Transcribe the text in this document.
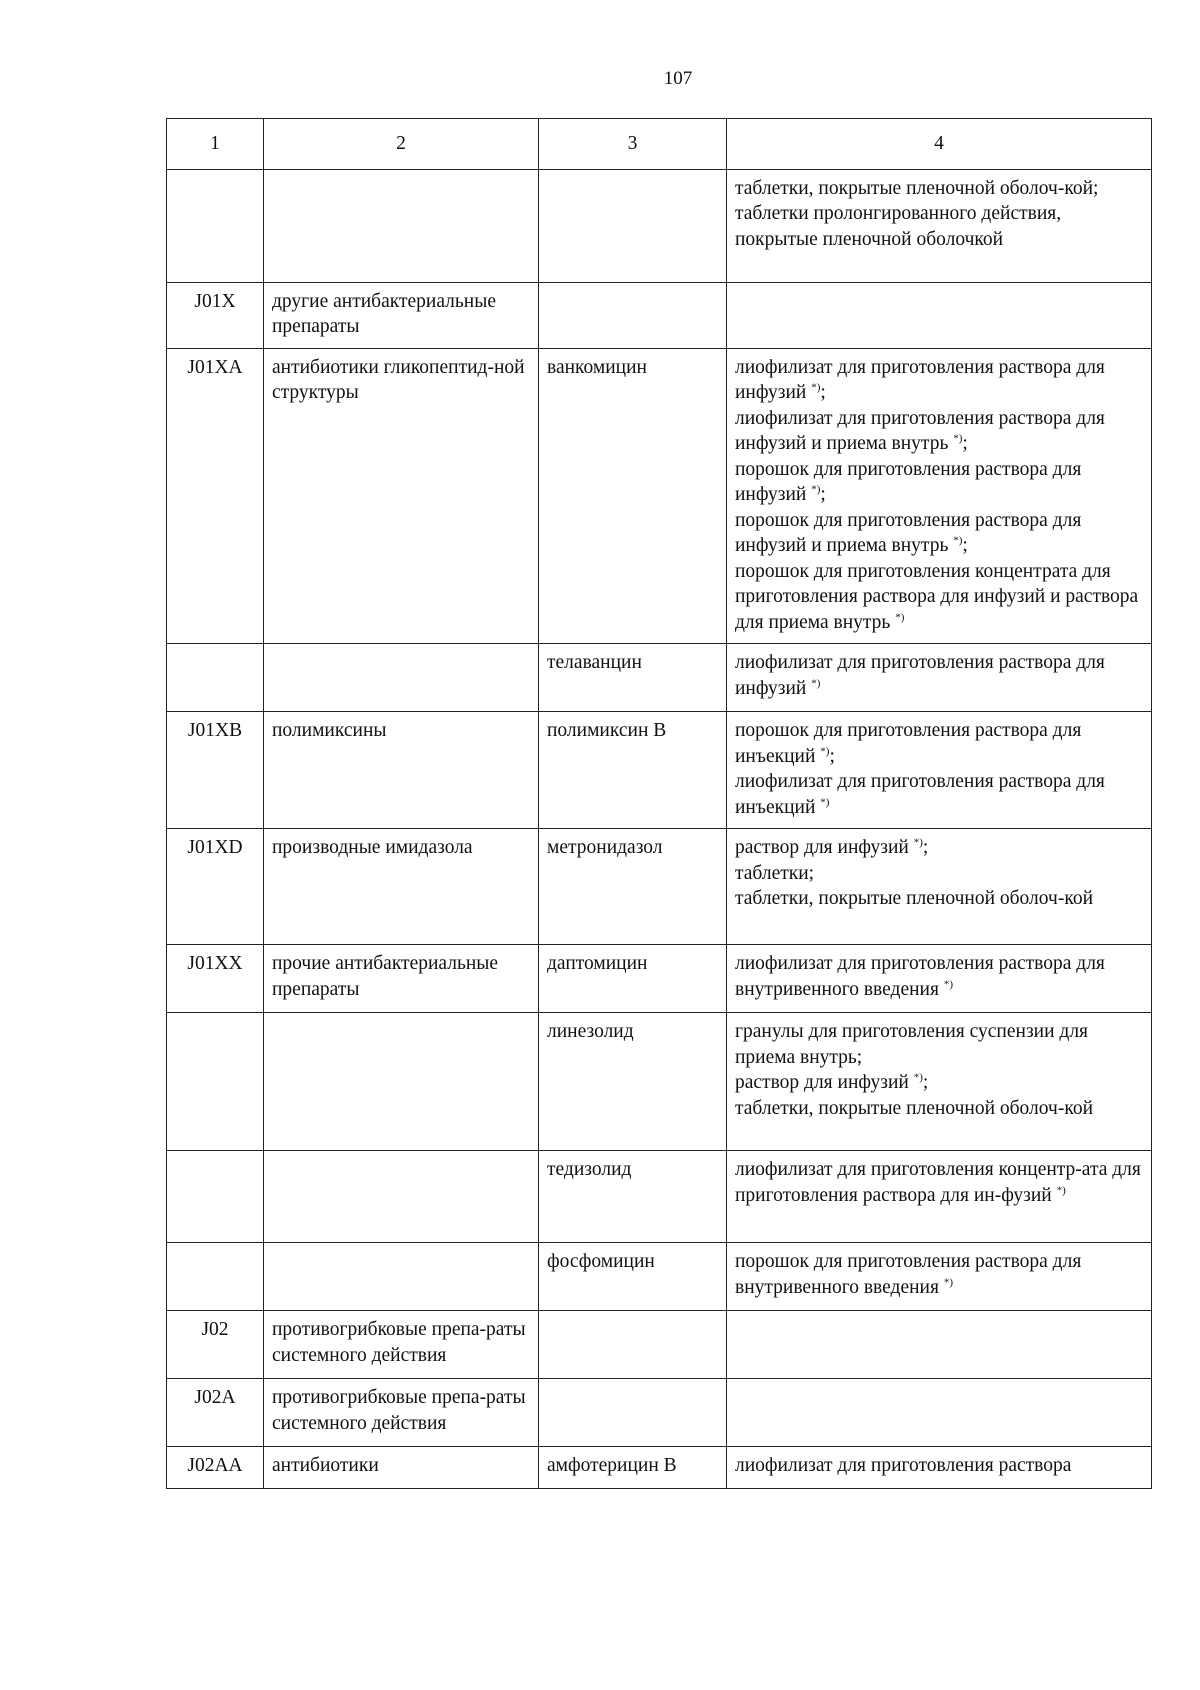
107
1	2	3	4

			таблетки, покрытые пленочной оболоч-кой;
таблетки пролонгированного действия, покрытые пленочной оболочкой

J01X	другие антибактериальные препараты		
J01XA	антибиотики гликопептид-ной структуры	ванкомицин	лиофилизат для приготовления раствора для инфузий *);
лиофилизат для приготовления раствора для инфузий и приема внутрь *);
порошок для приготовления раствора для инфузий *);
порошок для приготовления раствора для инфузий и приема внутрь *);
порошок для приготовления концентрата для приготовления раствора для инфузий и раствора для приема внутрь *)

		телаванцин	лиофилизат для приготовления раствора для инфузий *)

J01XB	полимиксины	полимиксин В	порошок для приготовления раствора для инъекций *);
лиофилизат для приготовления раствора для инъекций *)

J01XD	производные имидазола	метронидазол	раствор для инфузий *);
таблетки;
таблетки, покрытые пленочной оболоч-кой

J01XX	прочие антибактериальные препараты	даптомицин	лиофилизат для приготовления раствора для внутривенного введения *)

		линезолид	гранулы для приготовления суспензии для приема внутрь;
раствор для инфузий *);
таблетки, покрытые пленочной оболоч-кой

		тедизолид	лиофилизат для приготовления концентр-ата для приготовления раствора для ин-фузий *)

		фосфомицин	порошок для приготовления раствора для внутривенного введения *)

J02	противогрибковые препа-раты системного действия		
J02A	противогрибковые препа-раты системного действия		
J02AA	антибиотики	амфотерицин В	лиофилизат для приготовления раствора
